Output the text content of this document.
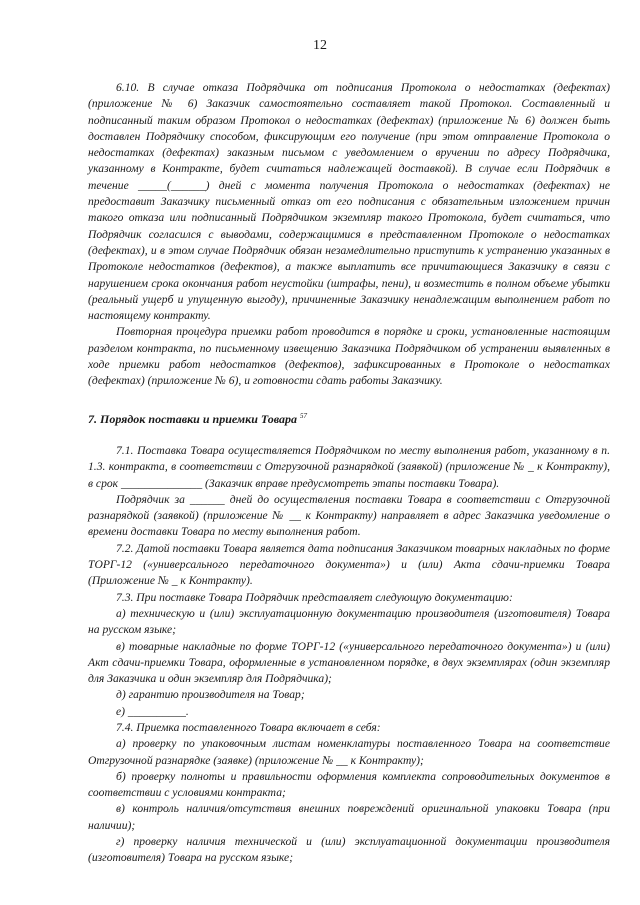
12

6.10. В случае отказа Подрядчика от подписания Протокола о недостатках (дефектах) (приложение № 6) Заказчик самостоятельно составляет такой Протокол. Составленный и подписанный таким образом Протокол о недостатках (дефектах) (приложение № 6) должен быть доставлен Подрядчику способом, фиксирующим его получение (при этом отправление Протокола о недостатках (дефектах) заказным письмом с уведомлением о вручении по адресу Подрядчика, указанному в Контракте, будет считаться надлежащей доставкой). В случае если Подрядчик в течение _____(______) дней с момента получения Протокола о недостатках (дефектах) не предоставит Заказчику письменный отказ от его подписания с обязательным изложением причин такого отказа или подписанный Подрядчиком экземпляр такого Протокола, будет считаться, что Подрядчик согласился с выводами, содержащимися в представленном Протоколе о недостатках (дефектах), и в этом случае Подрядчик обязан незамедлительно приступить к устранению указанных в Протоколе недостатков (дефектов), а также выплатить все причитающиеся Заказчику в связи с нарушением срока окончания работ неустойки (штрафы, пени), и возместить в полном объеме убытки (реальный ущерб и упущенную выгоду), причиненные Заказчику ненадлежащим выполнением работ по настоящему контракту.

Повторная процедура приемки работ проводится в порядке и сроки, установленные настоящим разделом контракта, по письменному извещению Заказчика Подрядчиком об устранении выявленных в ходе приемки работ недостатков (дефектов), зафиксированных в Протоколе о недостатках (дефектах) (приложение № 6), и готовности сдать работы Заказчику.

7. Порядок поставки и приемки Товара $^{57}$

7.1. Поставка Товара осуществляется Подрядчиком по месту выполнения работ, указанному в п. 1.3. контракта, в соответствии с Отгрузочной разнарядкой (заявкой) (приложение № _ к Контракту), в срок ______________ (Заказчик вправе предусмотреть этапы поставки Товара).

Подрядчик за ______ дней до осуществления поставки Товара в соответствии с Отгрузочной разнарядкой (заявкой) (приложение № __ к Контракту) направляет в адрес Заказчика уведомление о времени доставки Товара по месту выполнения работ.

7.2. Датой поставки Товара является дата подписания Заказчиком товарных накладных по форме ТОРГ-12 («универсального передаточного документа») и (или) Акта сдачи-приемки Товара (Приложение № _ к Контракту).

7.3. При поставке Товара Подрядчик представляет следующую документацию:

а) техническую и (или) эксплуатационную документацию производителя (изготовителя) Товара на русском языке;

в) товарные накладные по форме ТОРГ-12 («универсального передаточного документа») и (или) Акт сдачи-приемки Товара, оформленные в установленном порядке, в двух экземплярах (один экземпляр для Заказчика и один экземпляр для Подрядчика);

д) гарантию производителя на Товар;

е) __________.

7.4. Приемка поставленного Товара включает в себя:

а) проверку по упаковочным листам номенклатуры поставленного Товара на соответствие Отгрузочной разнарядке (заявке) (приложение № __ к Контракту);

б) проверку полноты и правильности оформления комплекта сопроводительных документов в соответствии с условиями контракта;

в) контроль наличия/отсутствия внешних повреждений оригинальной упаковки Товара (при наличии);

г) проверку наличия технической и (или) эксплуатационной документации производителя (изготовителя) Товара на русском языке;
